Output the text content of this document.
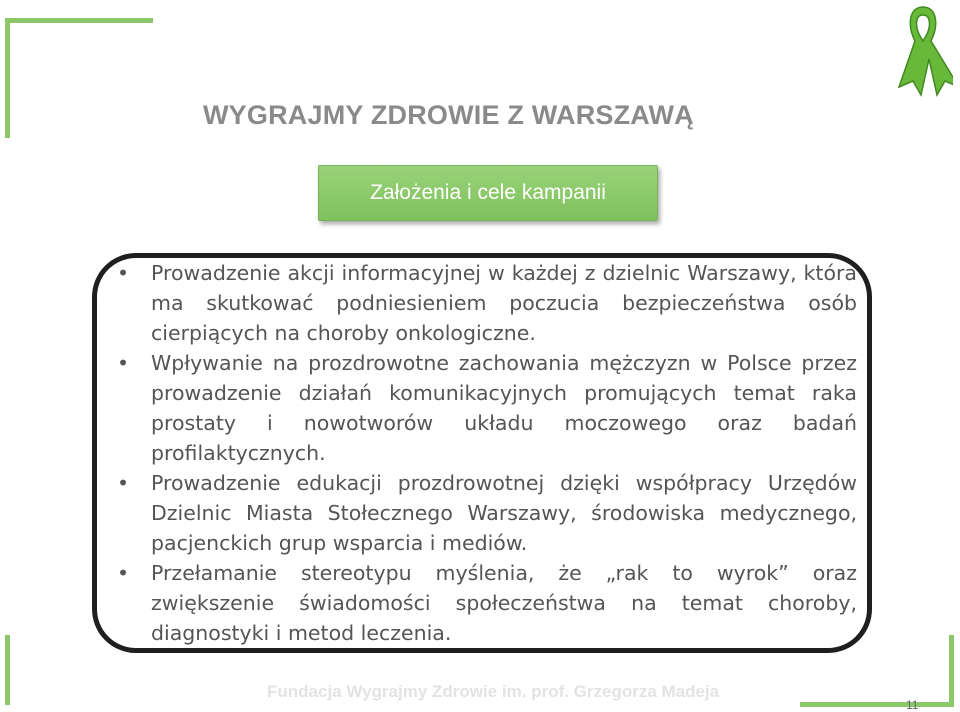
WYGRAJMY ZDROWIE Z WARSZAWĄ
Założenia i cele kampanii
•	Prowadzenie akcji informacyjnej w każdej z dzielnic Warszawy, która ma skutkować podniesieniem poczucia bezpieczeństwa osób cierpiących na choroby onkologiczne.
•	Wpływanie na prozdrowotne zachowania mężczyzn w Polsce przez prowadzenie działań komunikacyjnych promujących temat raka prostaty i nowotworów układu moczowego oraz badań profilaktycznych.
•	Prowadzenie edukacji prozdrowotnej dzięki współpracy Urzędów Dzielnic Miasta Stołecznego Warszawy, środowiska medycznego, pacjenckich grup wsparcia i mediów.
•	Przełamanie stereotypu myślenia, że „rak to wyrok” oraz zwiększenie świadomości społeczeństwa na temat choroby, diagnostyki i metod leczenia.
Fundacja Wygrajmy Zdrowie im. prof. Grzegorza Madeja
11
